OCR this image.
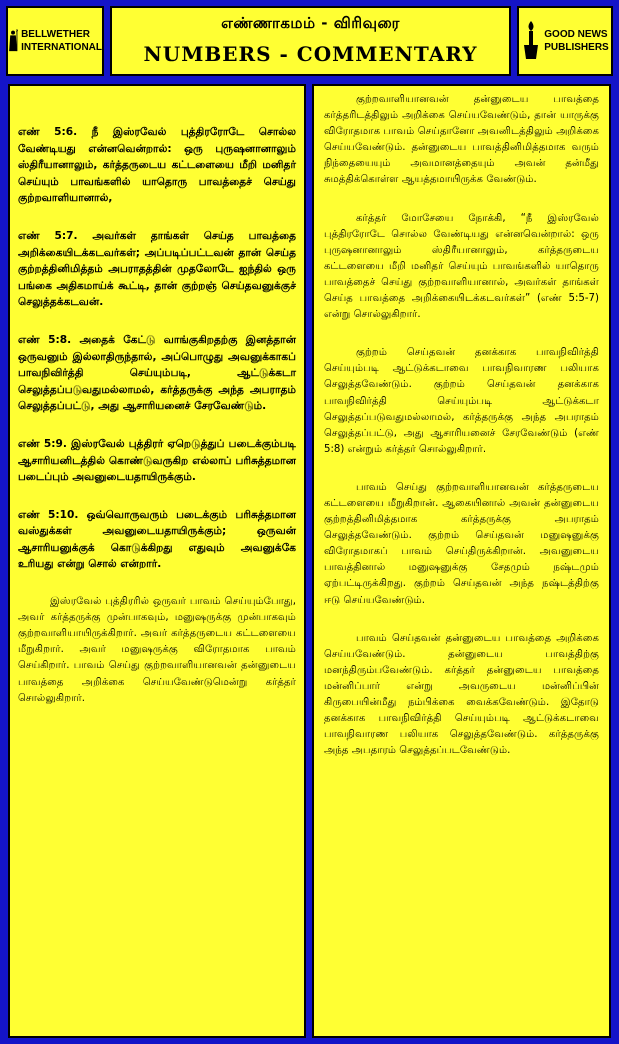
BELLWETHER
INTERNATIONAL
எண்ணாகமம் - விரிவுரை
NUMBERS - COMMENTARY
GOOD NEWS
PUBLISHERS

எண் 5:6. நீ இஸ்ரவேல் புத்திரரோடே சொல்ல வேண்டியது என்னவென்றால்: ஒரு புருஷனானாலும் ஸ்திரீயானாலும், கர்த்தருடைய கட்டளையை மீறி மனிதர் செய்யும் பாவங்களில் யாதொரு பாவத்தைச் செய்து குற்றவாளியானால்,

எண் 5:7. அவர்கள் தாங்கள் செய்த பாவத்தை அறிக்கையிடக்கடவர்கள்; அப்படிப்பட்டவன் தான் செய்த குற்றத்தினிமித்தம் அபராதத்தின் முதலோடே ஐந்தில் ஒரு பங்கை அதிகமாய்க் கூட்டி, தான் குற்றஞ் செய்தவனுக்குச் செலுத்தக்கடவன்.

எண் 5:8. அதைக் கேட்டு வாங்குகிறதற்கு இனத்தான் ஒருவனும் இல்லாதிருந்தால், அப்பொழுது அவனுக்காகப் பாவநிவிர்த்தி செய்யும்படி, ஆட்டுக்கடா செலுத்தப்படுவதுமல்லாமல், கர்த்தருக்கு அந்த அபராதம் செலுத்தப்பட்டு, அது ஆசாரியனைச் சேரவேண்டும்.

எண் 5:9. இஸ்ரவேல் புத்திரர் ஏறெடுத்துப் படைக்கும்படி ஆசாரியனிடத்தில் கொண்டுவருகிற எல்லாப் பரிசுத்தமான படைப்பும் அவனுடையதாயிருக்கும்.

எண் 5:10. ஒவ்வொருவரும் படைக்கும் பரிசுத்தமான வஸ்துக்கள் அவனுடையதாயிருக்கும்; ஒருவன் ஆசாரியனுக்குக் கொடுக்கிறது எதுவும் அவனுக்கே உரியது என்று சொல் என்றார்.

இஸ்ரவேல் புத்திரரில் ஒருவர் பாவம் செய்யும்போது, அவர் கர்த்தருக்கு முன்பாகவும், மனுஷருக்கு முன்பாகவும் குற்றவாளியாயிருக்கிறார். அவர் கர்த்தருடைய கட்டளையை மீறுகிறார். அவர் மனுஷருக்கு விரோதமாக பாவம் செய்கிறார். பாவம் செய்து குற்றவாளியானவன் தன்னுடைய பாவத்தை அறிக்கை செய்யவேண்டுமென்று கர்த்தர் சொல்லுகிறார்.

குற்றவாளியானவன் தன்னுடைய பாவத்தை கர்த்தரிடத்திலும் அறிக்கை செய்யவேண்டும், தான் யாருக்கு விரோதமாக பாவம் செய்தானோ அவனிடத்திலும் அறிக்கை செய்யவேண்டும். தன்னுடைய பாவத்தினிமித்தமாக வரும் நிந்தையையும் அவமானத்தையும் அவன் தன்மீது சுமத்திக்கொள்ள ஆயத்தமாயிருக்க வேண்டும்.

கர்த்தர் மோசேயை நோக்கி, “நீ இஸ்ரவேல் புத்திரரோடே சொல்ல வேண்டியது என்னவென்றால்: ஒரு புருஷனானாலும் ஸ்திரீயானாலும், கர்த்தருடைய கட்டளையை மீறி மனிதர் செய்யும் பாவங்களில் யாதொரு பாவத்தைச் செய்து குற்றவாளியானால், அவர்கள் தாங்கள் செய்த பாவத்தை அறிக்கையிடக்கடவர்கள்” (எண் 5:5-7) என்று சொல்லுகிறார்.

குற்றம் செய்தவன் தனக்காக பாவநிவிர்த்தி செய்யும்படி ஆட்டுக்கடாவை பாவநிவாரண பலியாக செலுத்தவேண்டும். குற்றம் செய்தவன் தனக்காக பாவநிவிர்த்தி செய்யும்படி ஆட்டுக்கடா செலுத்தப்படுவதுமல்லாமல், கர்த்தருக்கு அந்த அபராதம் செலுத்தப்பட்டு, அது ஆசாரியனைச் சேரவேண்டும் (எண் 5:8) என்றும் கர்த்தர் சொல்லுகிறார்.

பாவம் செய்து குற்றவாளியானவன் கர்த்தருடைய கட்டளையை மீறுகிறான். ஆகையினால் அவன் தன்னுடைய குற்றத்தினிமித்தமாக கர்த்தருக்கு அபராதம் செலுத்தவேண்டும். குற்றம் செய்தவன் மனுஷனுக்கு விரோதமாகப் பாவம் செய்திருக்கிறான். அவனுடைய பாவத்தினால் மனுஷனுக்கு சேதமும் நஷ்டமும் ஏற்பட்டிருக்கிறது. குற்றம் செய்தவன் அந்த நஷ்டத்திற்கு ஈடு செய்யவேண்டும்.

பாவம் செய்தவன் தன்னுடைய பாவத்தை அறிக்கை செய்யவேண்டும். தன்னுடைய பாவத்திற்கு மனந்திரும்பவேண்டும். கர்த்தர் தன்னுடைய பாவத்தை மன்னிப்பார் என்று அவருடைய மன்னிப்பின் கிருபையின்மீது நம்பிக்கை வைக்கவேண்டும். இதோடு தனக்காக பாவநிவிர்த்தி செய்யும்படி ஆட்டுக்கடாவை பாவநிவாரண பலியாக செலுத்தவேண்டும். கர்த்தருக்கு அந்த அபதாரம் செலுத்தப்படவேண்டும்.
